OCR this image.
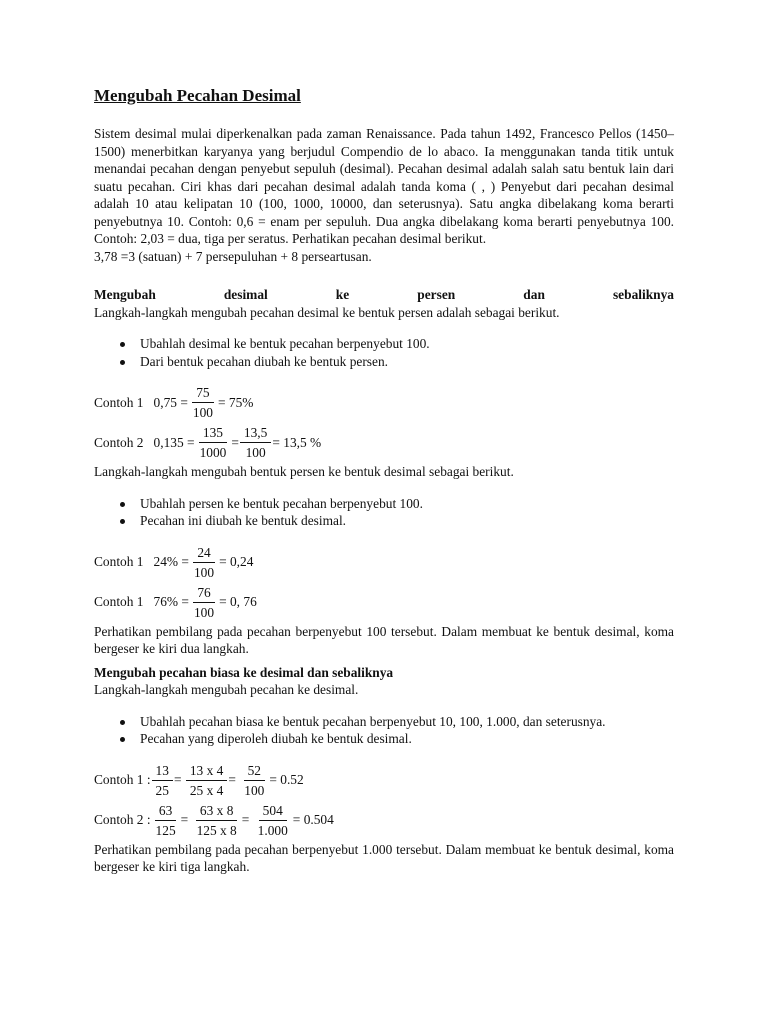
Mengubah Pecahan Desimal

Sistem desimal mulai diperkenalkan pada zaman Renaissance. Pada tahun 1492, Francesco Pellos (1450–1500) menerbitkan karyanya yang berjudul Compendio de lo abaco. Ia menggunakan tanda titik untuk menandai pecahan dengan penyebut sepuluh (desimal). Pecahan desimal adalah salah satu bentuk lain dari suatu pecahan. Ciri khas dari pecahan desimal adalah tanda koma ( , ) Penyebut dari pecahan desimal adalah 10 atau kelipatan 10 (100, 1000, 10000, dan seterusnya). Satu angka dibelakang koma berarti penyebutnya 10. Contoh: 0,6 = enam per sepuluh. Dua angka dibelakang koma berarti penyebutnya 100. Contoh: 2,03 = dua, tiga per seratus. Perhatikan pecahan desimal berikut.

3,78 =3 (satuan) + 7 persepuluhan + 8 perseartusan.

Mengubah desimal ke persen dan sebaliknya

Langkah-langkah mengubah pecahan desimal ke bentuk persen adalah sebagai berikut.

Ubahlah desimal ke bentuk pecahan berpenyebut 100.
Dari bentuk pecahan diubah ke bentuk persen.
Contoh 1
$0,75 = \frac{75}{100} = 75\%$
Contoh 2
$0,135 = \frac{135}{1000} = \frac{13,5}{100} = 13,5$ %

Langkah-langkah mengubah bentuk persen ke bentuk desimal sebagai berikut.

Ubahlah persen ke bentuk pecahan berpenyebut 100.
Pecahan ini diubah ke bentuk desimal.
Contoh 1
$24\% = \frac{24}{100} = 0,24$
Contoh 1
$76\% = \frac{76}{100} = 0$, 76

Perhatikan pembilang pada pecahan berpenyebut 100 tersebut. Dalam membuat ke bentuk desimal, koma bergeser ke kiri dua langkah.

Mengubah pecahan biasa ke desimal dan sebaliknya

Langkah-langkah mengubah pecahan ke desimal.

Ubahlah pecahan biasa ke bentuk pecahan berpenyebut 10, 100, 1.000, dan seterusnya.
Pecahan yang diperoleh diubah ke bentuk desimal.
Contoh 1 : $\frac{13}{25}$ =
$\frac{13 x 4}{25 x 4}$ =
$\frac{52}{100} = 0.52$
Contoh 2 : $\frac{63}{125}$ =
$\frac{63 x 8}{125 x 8}$ =
$\frac{504}{1.000} = 0.504$

Perhatikan pembilang pada pecahan berpenyebut 1.000 tersebut. Dalam membuat ke bentuk desimal, koma bergeser ke kiri tiga langkah.
